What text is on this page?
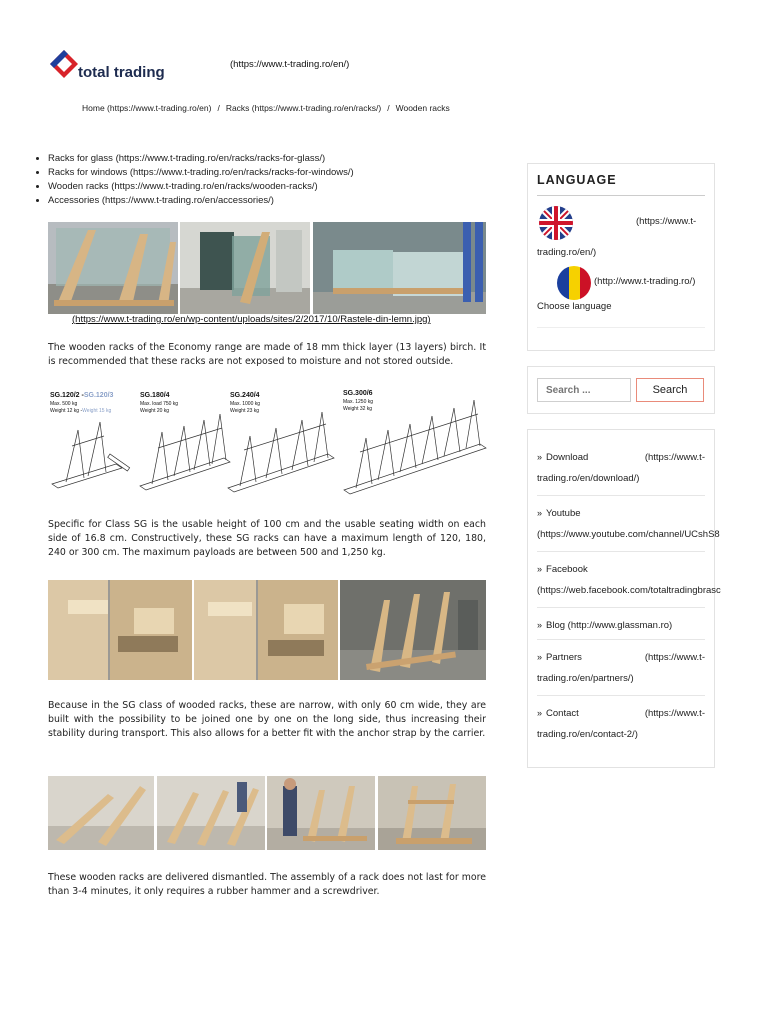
total trading	(https://www.t-trading.ro/en/)
Home (https://www.t-trading.ro/en) / Racks (https://www.t-trading.ro/en/racks/) / Wooden racks
• Racks for glass (https://www.t-trading.ro/en/racks/racks-for-glass/)
• Racks for windows (https://www.t-trading.ro/en/racks/racks-for-windows/)
• Wooden racks (https://www.t-trading.ro/en/racks/wooden-racks/)
• Accessories (https://www.t-trading.ro/en/accessories/)
(https://www.t-trading.ro/en/wp-content/uploads/sites/2/2017/10/Rastele-din-lemn.jpg)
The wooden racks of the Economy range are made of 18 mm thick layer (13 layers) birch. It is recommended that these racks are not exposed to moisture and not stored outside.
SG.120/2 -SG.120/3
Max. 500 kg
Weight 12 kg -Weight 15 kg
SG.180/4
Max. load 750 kg
Weight 20 kg
SG.240/4
Max. 1000 kg
Weight 23 kg
SG.300/6
Max. 1250 kg
Weight 32 kg
Specific for Class SG is the usable height of 100 cm and the usable seating width on each side of 16.8 cm. Constructively, these SG racks can have a maximum length of 120, 180, 240 or 300 cm. The maximum payloads are between 500 and 1,250 kg.
Because in the SG class of wooded racks, these are narrow, with only 60 cm wide, they are built with the possibility to be joined one by one on the long side, thus increasing their stability during transport. This also allows for a better fit with the anchor strap by the carrier.
These wooden racks are delivered dismantled. The assembly of a rack does not last for more than 3-4 minutes, it only requires a rubber hammer and a screwdriver.
LANGUAGE
(https://www.t-
trading.ro/en/)
(http://www.t-trading.ro/)
Choose language
Search ...
Search
» Download	(https://www.t-
trading.ro/en/download/)
» Youtube
(https://www.youtube.com/channel/UCshS8
» Facebook
(https://web.facebook.com/totaltradingbrasc
» Blog (http://www.glassman.ro)
» Partners	(https://www.t-
trading.ro/en/partners/)
» Contact	(https://www.t-
trading.ro/en/contact-2/)
